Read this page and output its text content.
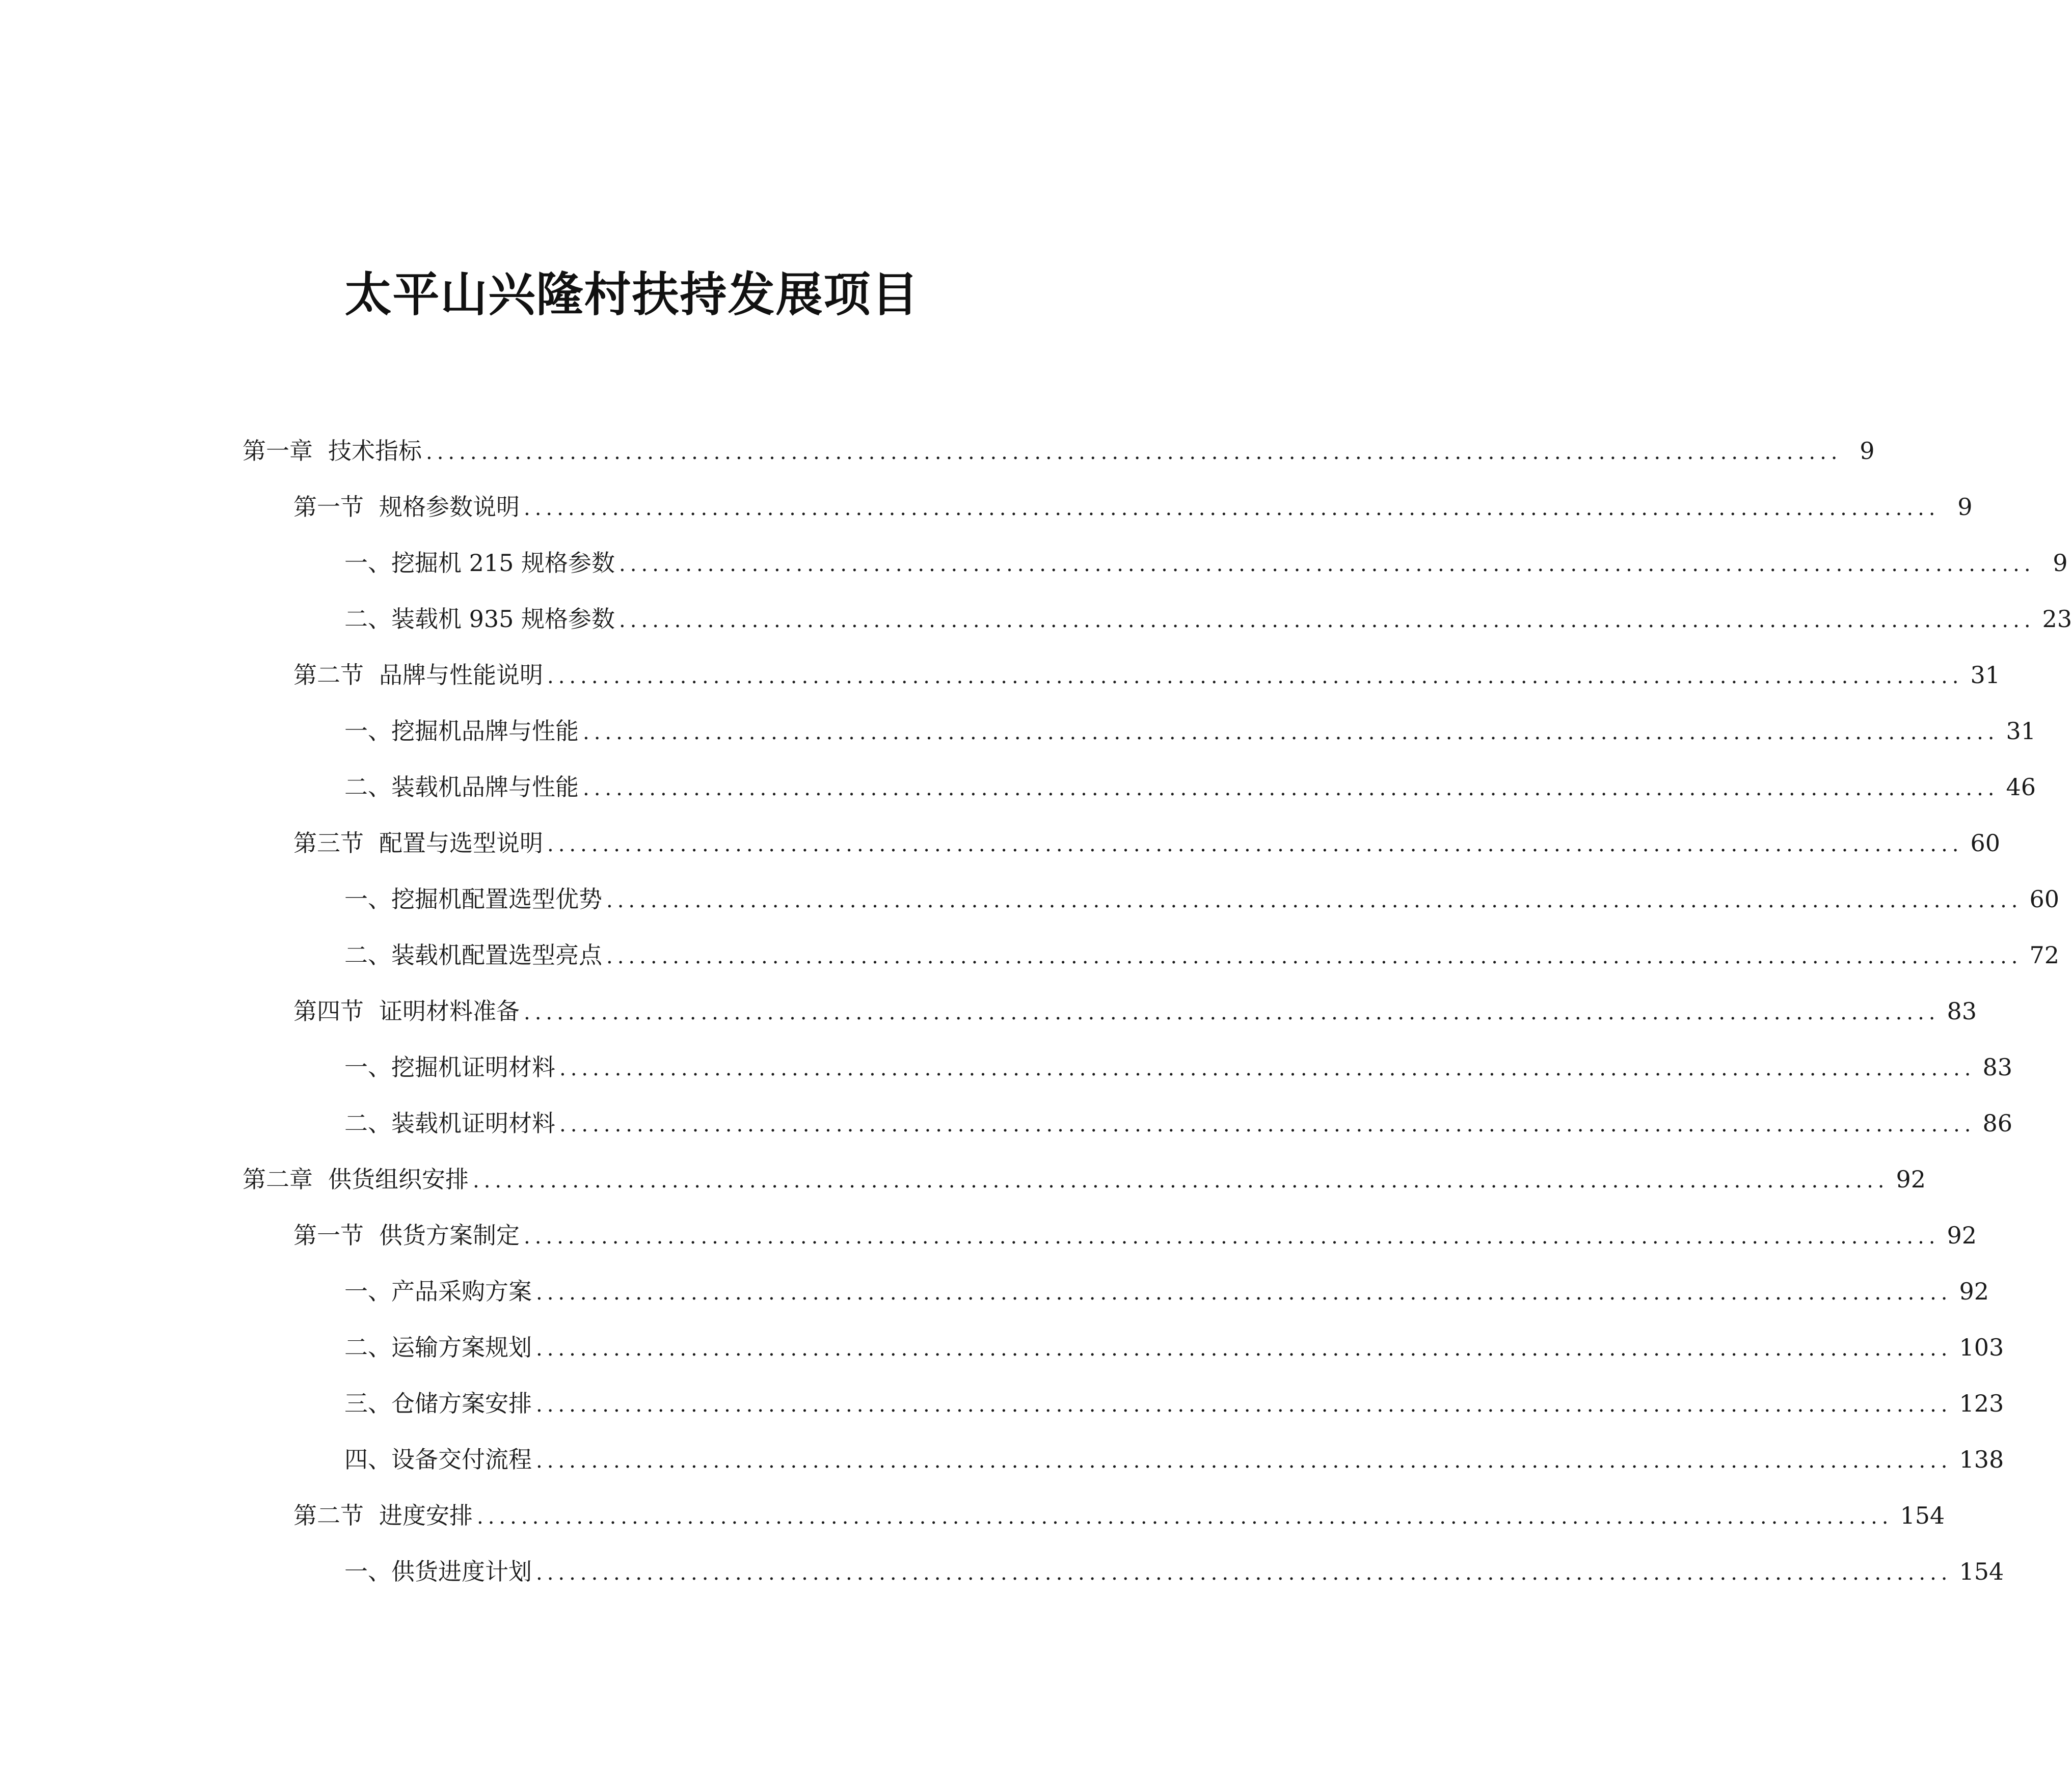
太平山兴隆村扶持发展项目
第一章 技术指标 ................................................................................................................................ 9
第一节 规格参数说明 ................................................................................................................................ 9
一、 挖掘机 215 规格参数 ................................................................................................................................ 9
二、 装载机 935 规格参数 ................................................................................................................................ 23
第二节 品牌与性能说明 ................................................................................................................................ 31
一、 挖掘机品牌与性能 ................................................................................................................................ 31
二、 装载机品牌与性能 ................................................................................................................................ 46
第三节 配置与选型说明 ................................................................................................................................ 60
一、 挖掘机配置选型优势 ................................................................................................................................ 60
二、 装载机配置选型亮点 ................................................................................................................................ 72
第四节 证明材料准备 ................................................................................................................................ 83
一、 挖掘机证明材料 ................................................................................................................................ 83
二、 装载机证明材料 ................................................................................................................................ 86
第二章 供货组织安排 ................................................................................................................................ 92
第一节 供货方案制定 ................................................................................................................................ 92
一、 产品采购方案 ................................................................................................................................ 92
二、 运输方案规划 ................................................................................................................................ 103
三、 仓储方案安排 ................................................................................................................................ 123
四、 设备交付流程 ................................................................................................................................ 138
第二节 进度安排 ................................................................................................................................ 154
一、 供货进度计划 ................................................................................................................................ 154
